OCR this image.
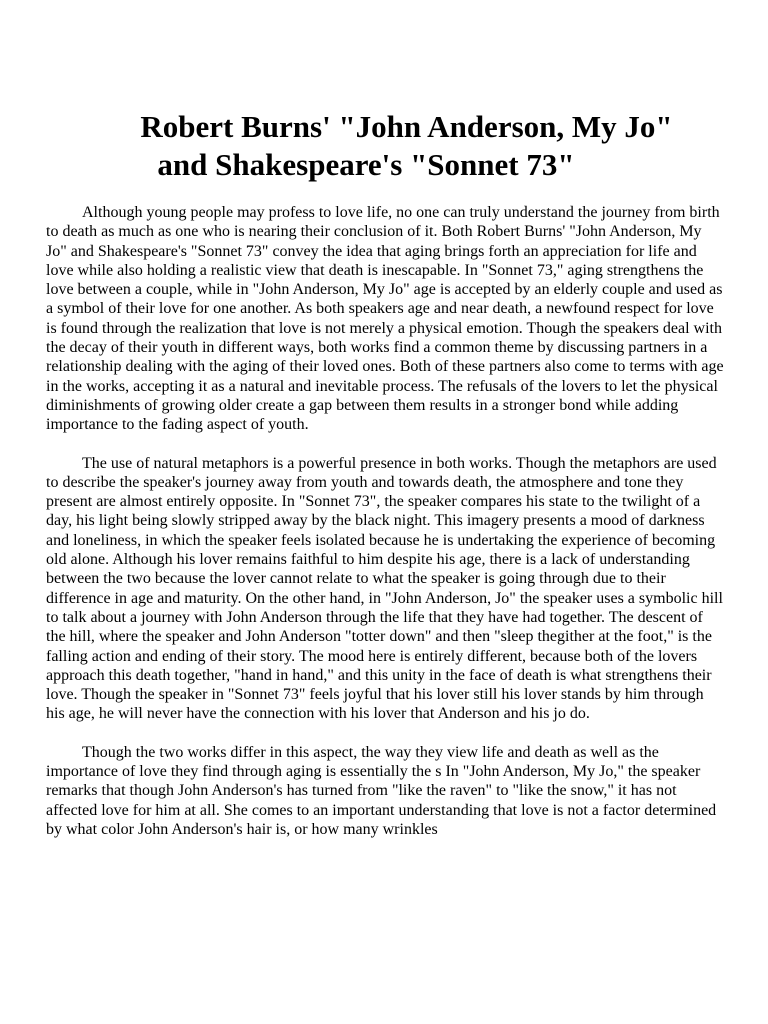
Robert Burns' "John Anderson, My Jo"
and Shakespeare's "Sonnet 73"

Although young people may profess to love life, no one can truly understand the journey from birth to death as much as one who is nearing their conclusion of it. Both Robert Burns' "John Anderson, My Jo" and Shakespeare's "Sonnet 73" convey the idea that aging brings forth an appreciation for life and love while also holding a realistic view that death is inescapable. In "Sonnet 73," aging strengthens the love between a couple, while in "John Anderson, My Jo" age is accepted by an elderly couple and used as a symbol of their love for one another. As both speakers age and near death, a newfound respect for love is found through the realization that love is not merely a physical emotion. Though the speakers deal with the decay of their youth in different ways, both works find a common theme by discussing partners in a relationship dealing with the aging of their loved ones. Both of these partners also come to terms with age in the works, accepting it as a natural and inevitable process. The refusals of the lovers to let the physical diminishments of growing older create a gap between them results in a stronger bond while adding importance to the fading aspect of youth.

The use of natural metaphors is a powerful presence in both works. Though the metaphors are used to describe the speaker's journey away from youth and towards death, the atmosphere and tone they present are almost entirely opposite. In "Sonnet 73", the speaker compares his state to the twilight of a day, his light being slowly stripped away by the black night. This imagery presents a mood of darkness and loneliness, in which the speaker feels isolated because he is undertaking the experience of becoming old alone. Although his lover remains faithful to him despite his age, there is a lack of understanding between the two because the lover cannot relate to what the speaker is going through due to their difference in age and maturity. On the other hand, in "John Anderson, Jo" the speaker uses a symbolic hill to talk about a journey with John Anderson through the life that they have had together. The descent of the hill, where the speaker and John Anderson "totter down" and then "sleep thegither at the foot," is the falling action and ending of their story. The mood here is entirely different, because both of the lovers approach this death together, "hand in hand," and this unity in the face of death is what strengthens their love. Though the speaker in "Sonnet 73" feels joyful that his lover still his lover stands by him through his age, he will never have the connection with his lover that Anderson and his jo do.

Though the two works differ in this aspect, the way they view life and death as well as the importance of love they find through aging is essentially the s In "John Anderson, My Jo," the speaker remarks that though John Anderson's has turned from "like the raven" to "like the snow," it has not affected love for him at all. She comes to an important understanding that love is not a factor determined by what color John Anderson's hair is, or how many wrinkles
